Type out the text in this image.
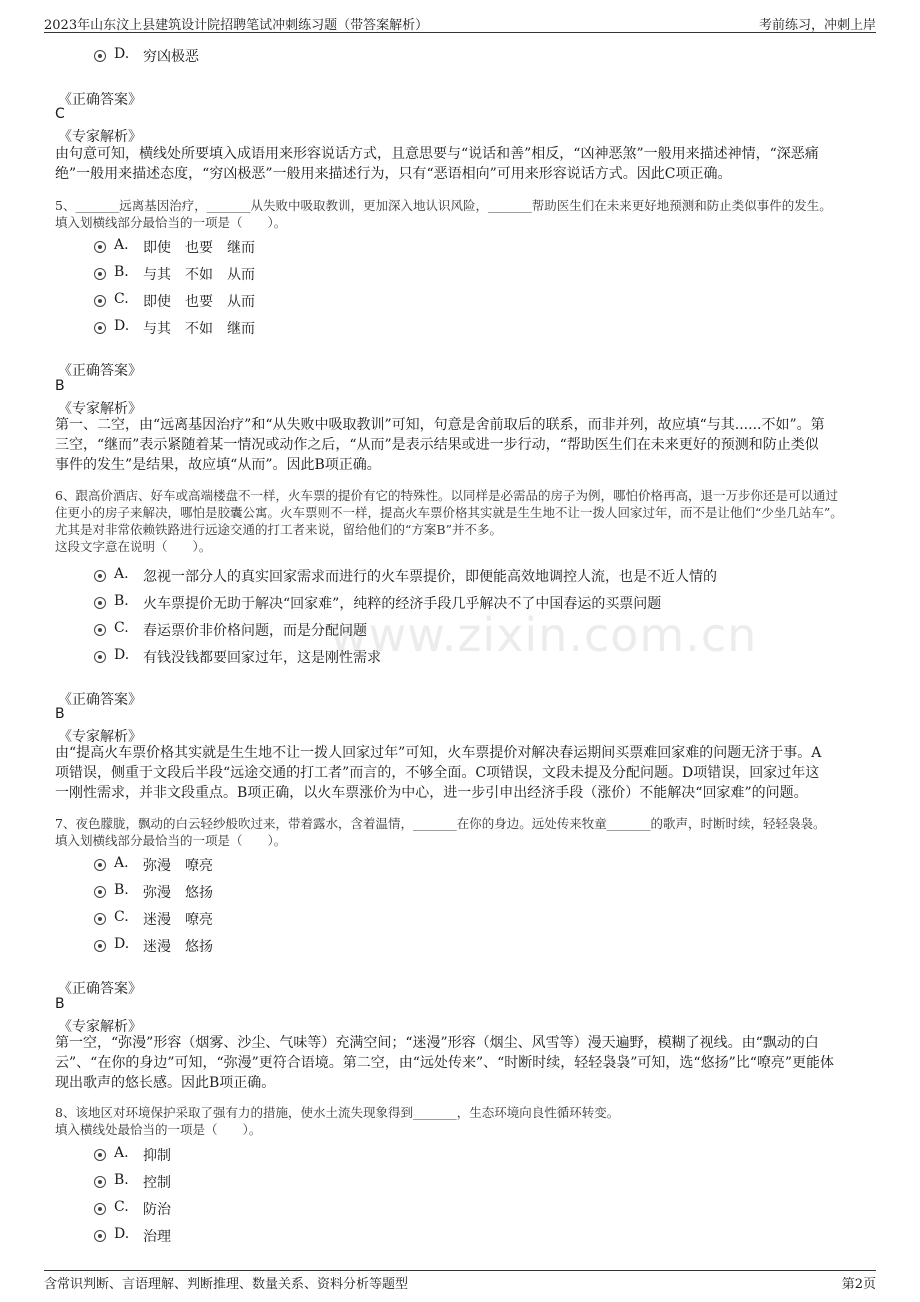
2023年山东汶上县建筑设计院招聘笔试冲刺练习题（带答案解析）	考前练习，冲刺上岸
www.zixin.com.cn
D. 穷凶极恶
《正确答案》
C
《专家解析》
由句意可知，横线处所要填入成语用来形容说话方式，且意思要与“说话和善”相反，“凶神恶煞”一般用来描述神情，“深恶痛
绝”一般用来描述态度，“穷凶极恶”一般用来描述行为，只有“恶语相向”可用来形容说话方式。因此C项正确。
5、_______远离基因治疗，_______从失败中吸取教训，更加深入地认识风险，_______帮助医生们在未来更好地预测和防止类似事件的发生。
填入划横线部分最恰当的一项是（　　）。
A. 即使　也要　继而
B. 与其　不如　从而
C. 即使　也要　从而
D. 与其　不如　继而
《正确答案》
B
《专家解析》
第一、二空，由“远离基因治疗”和“从失败中吸取教训”可知，句意是舍前取后的联系，而非并列，故应填“与其......不如”。第
三空，“继而”表示紧随着某一情况或动作之后，“从而”是表示结果或进一步行动，“帮助医生们在未来更好的预测和防止类似
事件的发生”是结果，故应填“从而”。因此B项正确。
6、跟高价酒店、好车或高端楼盘不一样，火车票的提价有它的特殊性。以同样是必需品的房子为例，哪怕价格再高，退一万步你还是可以通过
住更小的房子来解决，哪怕是胶囊公寓。火车票则不一样，提高火车票价格其实就是生生地不让一拨人回家过年，而不是让他们“少坐几站车”。
尤其是对非常依赖铁路进行远途交通的打工者来说，留给他们的“方案B”并不多。
这段文字意在说明（　　）。
A. 忽视一部分人的真实回家需求而进行的火车票提价，即便能高效地调控人流，也是不近人情的
B. 火车票提价无助于解决“回家难”，纯粹的经济手段几乎解决不了中国春运的买票问题
C. 春运票价非价格问题，而是分配问题
D. 有钱没钱都要回家过年，这是刚性需求
《正确答案》
B
《专家解析》
由“提高火车票价格其实就是生生地不让一拨人回家过年”可知，火车票提价对解决春运期间买票难回家难的问题无济于事。A
项错误，侧重于文段后半段“远途交通的打工者”而言的，不够全面。C项错误，文段未提及分配问题。D项错误，回家过年这
一刚性需求，并非文段重点。B项正确，以火车票涨价为中心，进一步引申出经济手段（涨价）不能解决“回家难”的问题。
7、夜色朦胧，飘动的白云轻纱般吹过来，带着露水，含着温情，_______在你的身边。远处传来牧童_______的歌声，时断时续，轻轻袅袅。
填入划横线部分最恰当的一项是（　　）。
A. 弥漫　嘹亮
B. 弥漫　悠扬
C. 迷漫　嘹亮
D. 迷漫　悠扬
《正确答案》
B
《专家解析》
第一空，“弥漫”形容（烟雾、沙尘、气味等）充满空间；“迷漫”形容（烟尘、风雪等）漫天遍野，模糊了视线。由“飘动的白
云”、“在你的身边”可知，“弥漫”更符合语境。第二空，由“远处传来”、“时断时续，轻轻袅袅”可知，选“悠扬”比“嘹亮”更能体
现出歌声的悠长感。因此B项正确。
8、该地区对环境保护采取了强有力的措施，使水土流失现象得到_______，生态环境向良性循环转变。
填入横线处最恰当的一项是（　　）。
A. 抑制
B. 控制
C. 防治
D. 治理
含常识判断、言语理解、判断推理、数量关系、资料分析等题型	第2页
